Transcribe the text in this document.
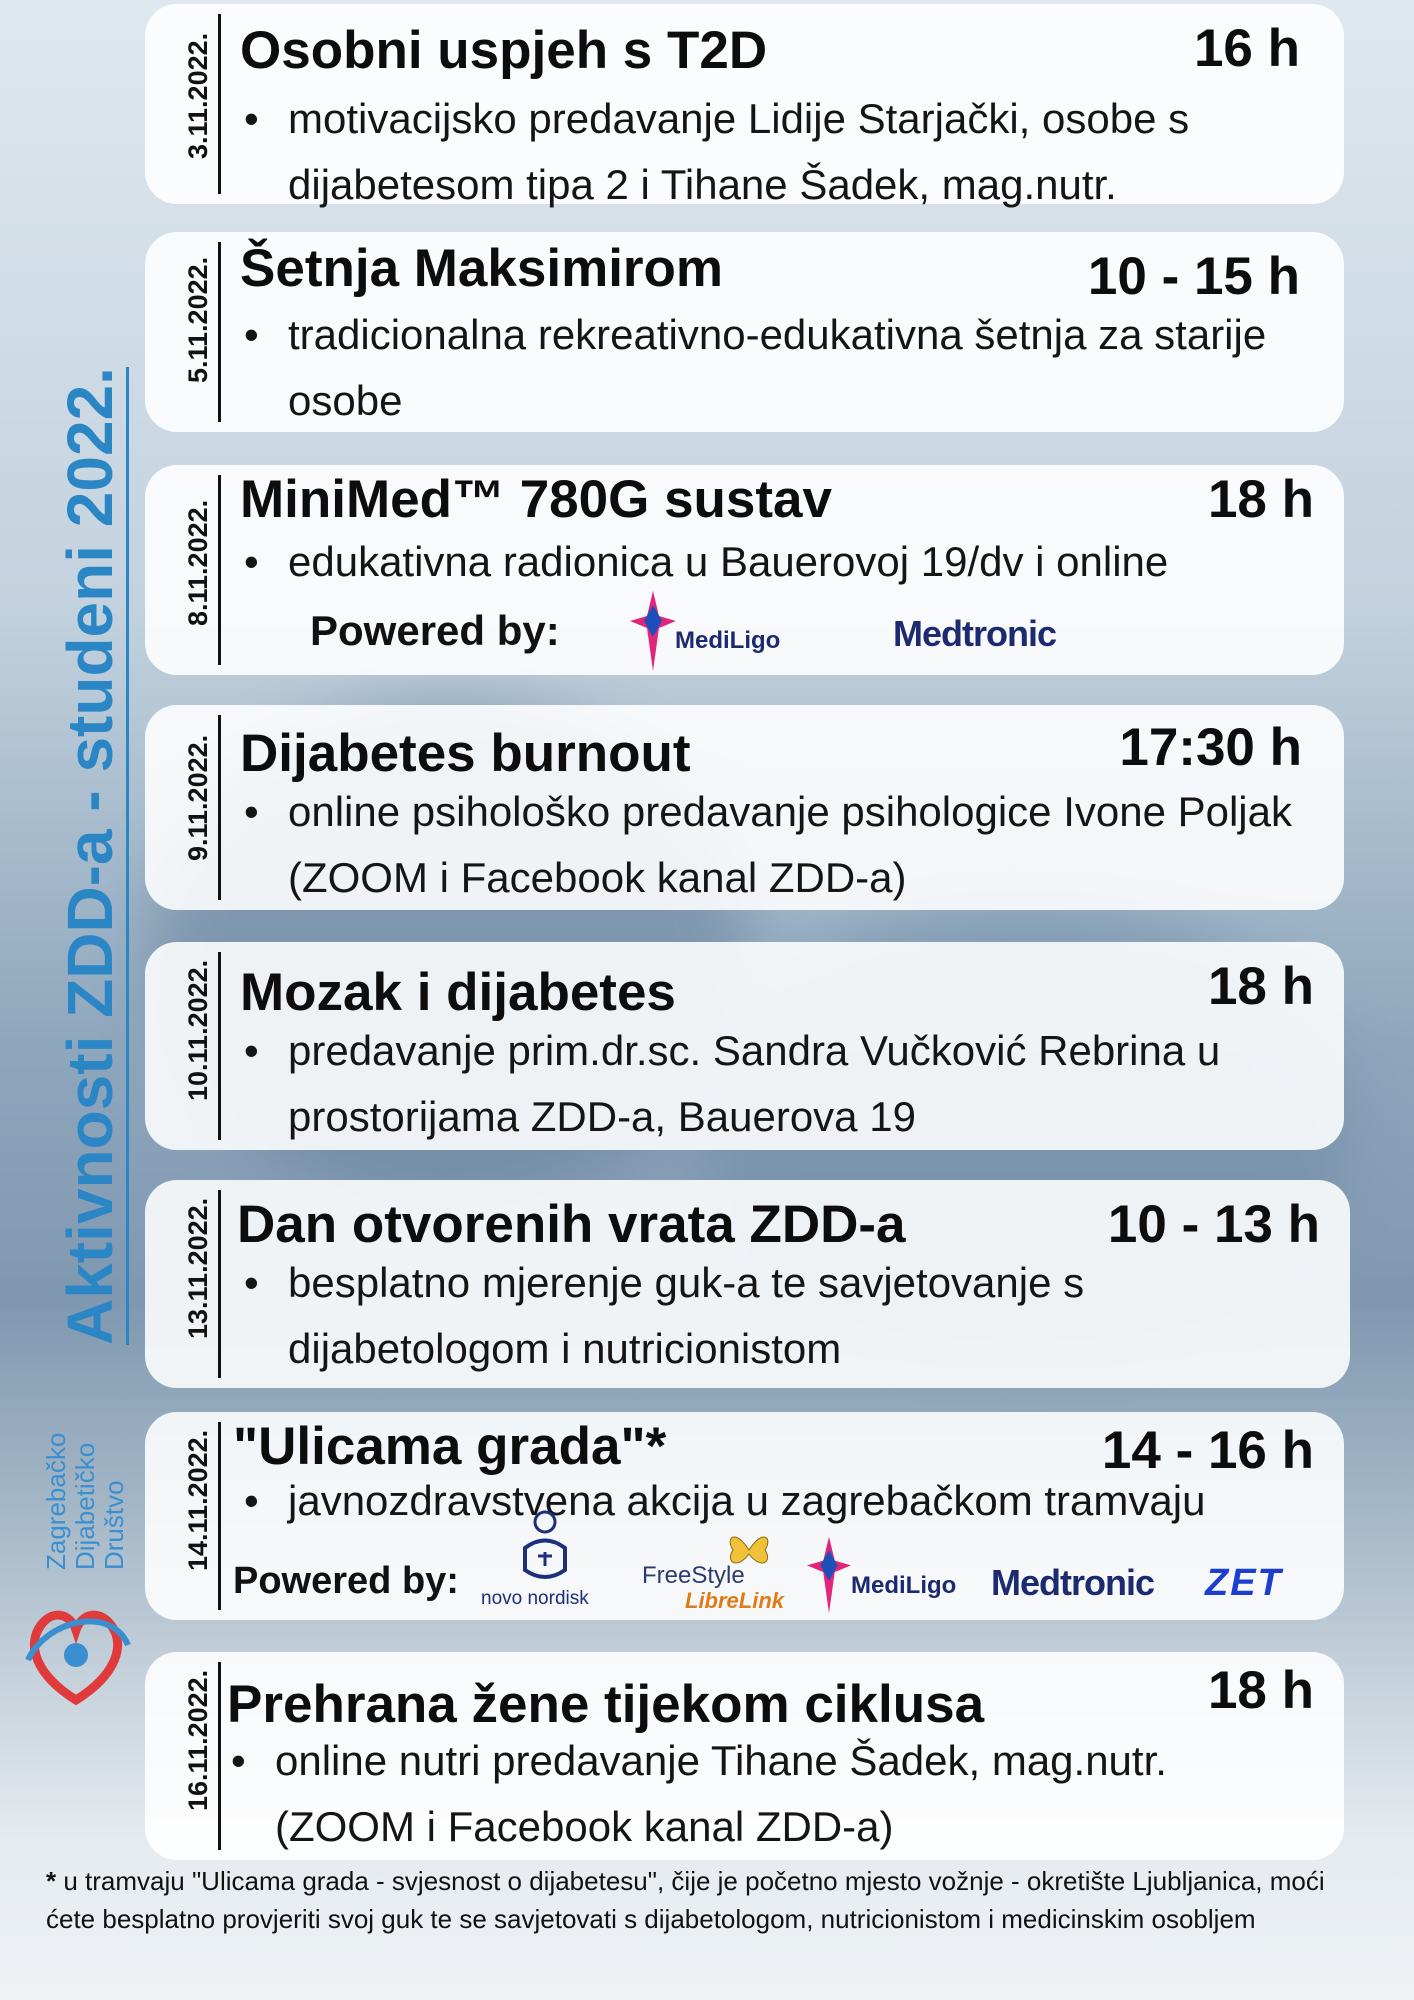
Aktivnosti ZDD-a - studeni 2022.
Zagrebačko Dijabetičko Društvo
3.11.2022. Osobni uspjeh s T2D	16 h
• motivacijsko predavanje Lidije Starjački, osobe s dijabetesom tipa 2 i Tihane Šadek, mag.nutr.
5.11.2022. Šetnja Maksimirom	10 - 15 h
• tradicionalna rekreativno-edukativna šetnja za starije osobe
8.11.2022.
MiniMed™ 780G sustav	18 h
• edukativna radionica u Bauerovoj 19/dv i online
Powered by:	MediLigo	Medtronic
9.11.2022. Dijabetes burnout	17:30 h
• online psihološko predavanje psihologice Ivone Poljak (ZOOM i Facebook kanal ZDD-a)
10.11.2022. Mozak i dijabetes	18 h
• predavanje prim.dr.sc. Sandra Vučković Rebrina u prostorijama ZDD-a, Bauerova 19
13.11.2022. Dan otvorenih vrata ZDD-a	10 - 13 h
• besplatno mjerenje guk-a te savjetovanje s dijabetologom i nutricionistom
14.11.2022. "Ulicama grada"*	14 - 16 h
• javnozdravstvena akcija u zagrebačkom tramvaju
Powered by: novo nordisk
FreeStyle
LibreLink
MediLigo Medtronic ZET
16.11.2022. Prehrana žene tijekom ciklusa	18 h
• online nutri predavanje Tihane Šadek, mag.nutr. (ZOOM i Facebook kanal ZDD-a)
* u tramvaju "Ulicama grada - svjesnost o dijabetesu", čije je početno mjesto vožnje - okretište Ljubljanica, moći ćete besplatno provjeriti svoj guk te se savjetovati s dijabetologom, nutricionistom i medicinskim osobljem
